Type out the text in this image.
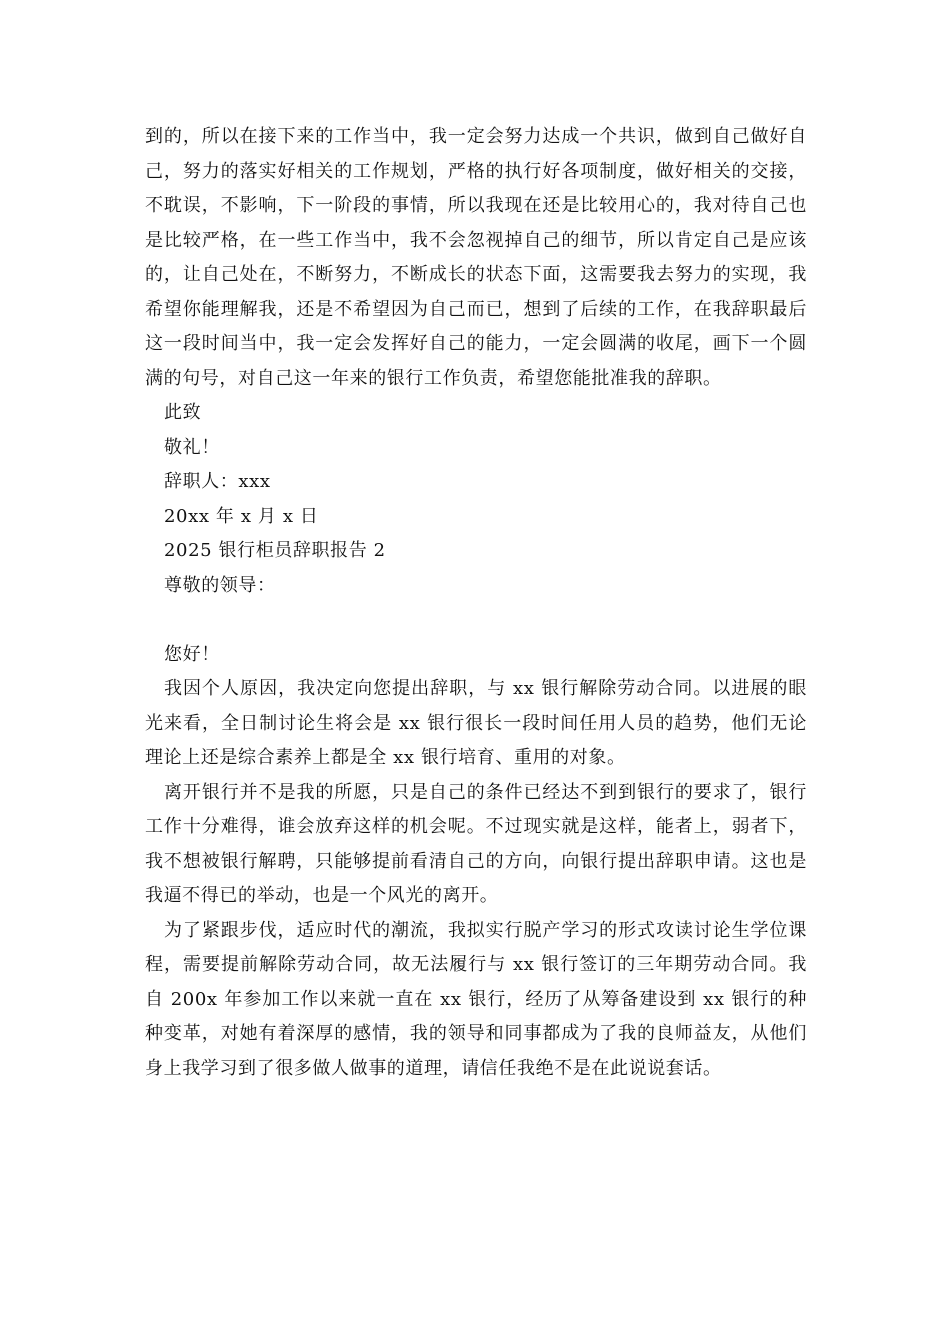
到的，所以在接下来的工作当中，我一定会努力达成一个共识，做到自己做好自己，努力的落实好相关的工作规划，严格的执行好各项制度，做好相关的交接，不耽误，不影响，下一阶段的事情，所以我现在还是比较用心的，我对待自己也是比较严格，在一些工作当中，我不会忽视掉自己的细节，所以肯定自己是应该的，让自己处在，不断努力，不断成长的状态下面，这需要我去努力的实现，我希望你能理解我，还是不希望因为自己而已，想到了后续的工作，在我辞职最后这一段时间当中，我一定会发挥好自己的能力，一定会圆满的收尾，画下一个圆满的句号，对自己这一年来的银行工作负责，希望您能批准我的辞职。

此致

敬礼！

辞职人：xxx

20xx 年 x 月 x 日

2025 银行柜员辞职报告 2

尊敬的领导：

您好！

我因个人原因，我决定向您提出辞职，与 xx 银行解除劳动合同。以进展的眼光来看，全日制讨论生将会是 xx 银行很长一段时间任用人员的趋势，他们无论理论上还是综合素养上都是全 xx 银行培育、重用的对象。

离开银行并不是我的所愿，只是自己的条件已经达不到到银行的要求了，银行工作十分难得，谁会放弃这样的机会呢。不过现实就是这样，能者上，弱者下，我不想被银行解聘，只能够提前看清自己的方向，向银行提出辞职申请。这也是我逼不得已的举动，也是一个风光的离开。

为了紧跟步伐，适应时代的潮流，我拟实行脱产学习的形式攻读讨论生学位课程，需要提前解除劳动合同，故无法履行与 xx 银行签订的三年期劳动合同。我自 200x 年参加工作以来就一直在 xx 银行，经历了从筹备建设到 xx 银行的种种变革，对她有着深厚的感情，我的领导和同事都成为了我的良师益友，从他们身上我学习到了很多做人做事的道理，请信任我绝不是在此说说套话。
